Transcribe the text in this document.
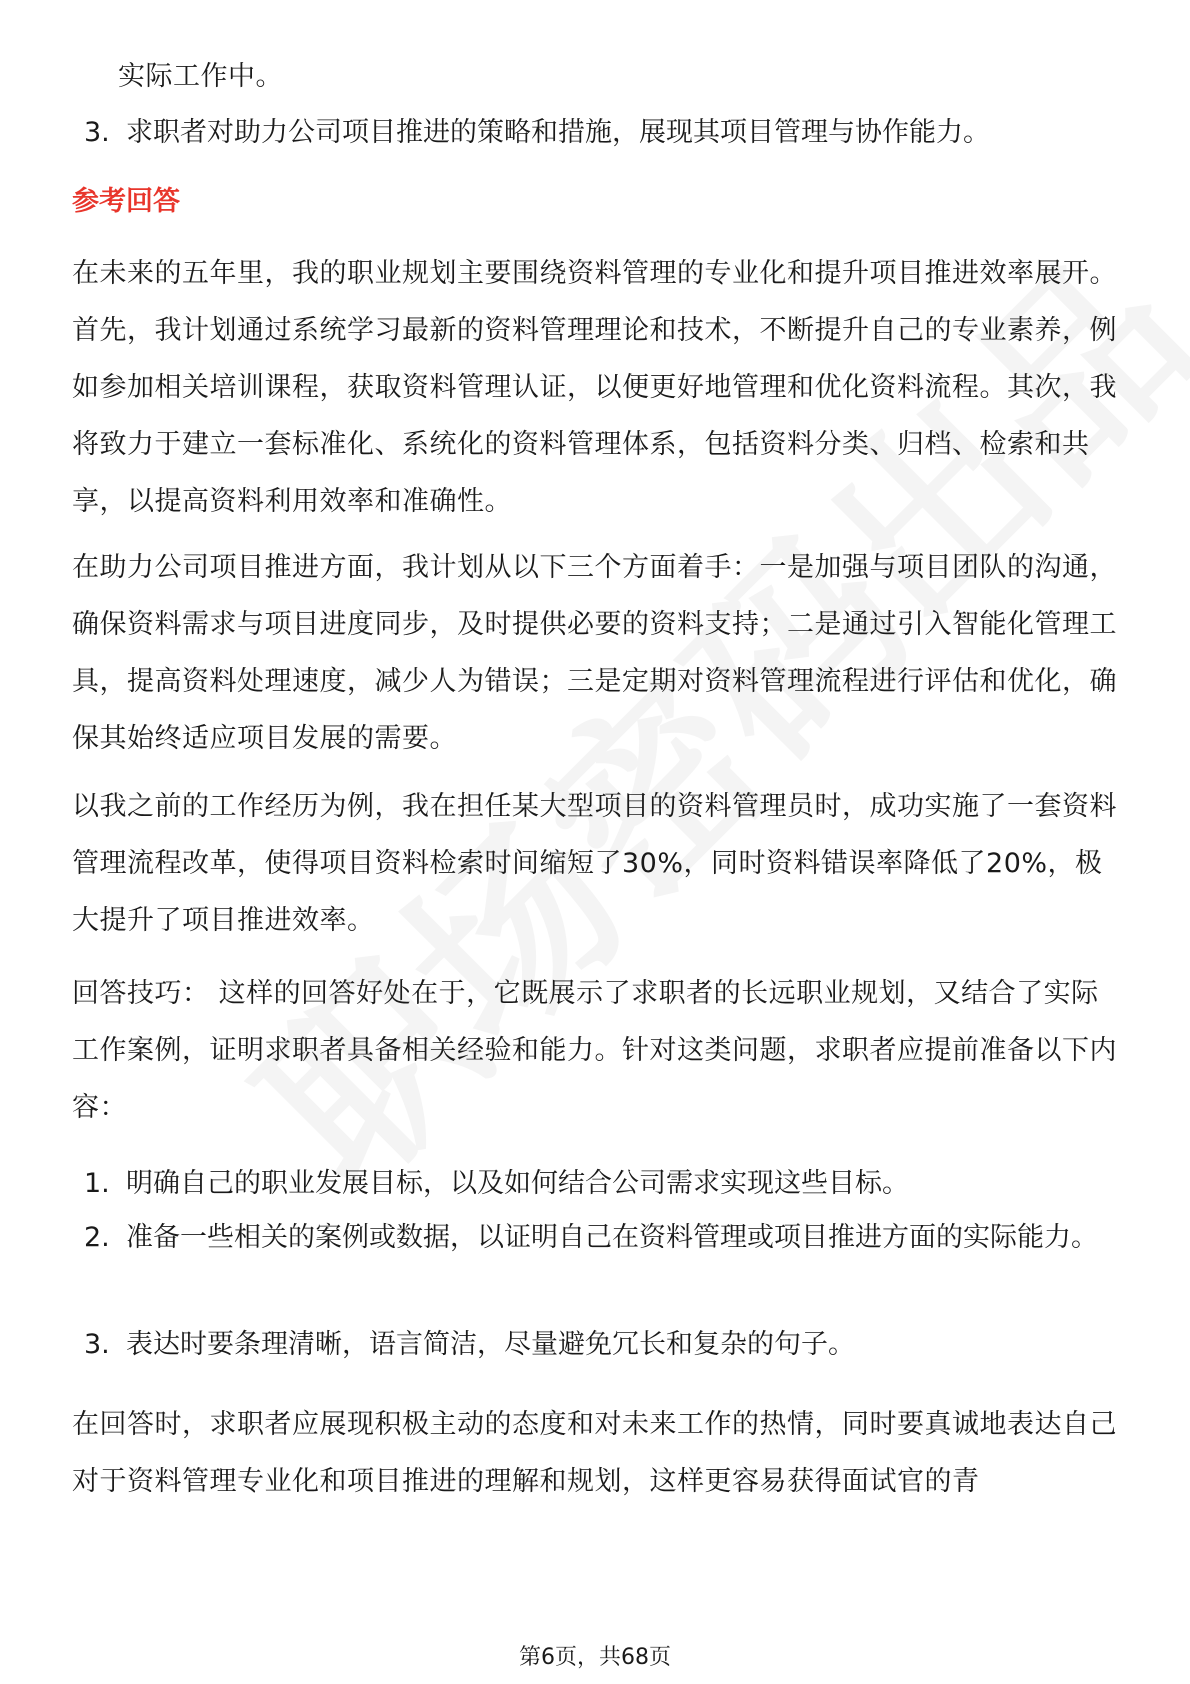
实际工作中。
3. 求职者对助力公司项目推进的策略和措施，展现其项目管理与协作能力。
参考回答
在未来的五年里，我的职业规划主要围绕资料管理的专业化和提升项目推进效率展开。首先，我计划通过系统学习最新的资料管理理论和技术，不断提升自己的专业素养，例如参加相关培训课程，获取资料管理认证，以便更好地管理和优化资料流程。其次，我将致力于建立一套标准化、系统化的资料管理体系，包括资料分类、归档、检索和共享，以提高资料利用效率和准确性。
在助力公司项目推进方面，我计划从以下三个方面着手：一是加强与项目团队的沟通，确保资料需求与项目进度同步，及时提供必要的资料支持；二是通过引入智能化管理工具，提高资料处理速度，减少人为错误；三是定期对资料管理流程进行评估和优化，确保其始终适应项目发展的需要。
以我之前的工作经历为例，我在担任某大型项目的资料管理员时，成功实施了一套资料管理流程改革，使得项目资料检索时间缩短了30%，同时资料错误率降低了20%，极大提升了项目推进效率。
回答技巧： 这样的回答好处在于，它既展示了求职者的长远职业规划，又结合了实际工作案例，证明求职者具备相关经验和能力。针对这类问题，求职者应提前准备以下内容：
1. 明确自己的职业发展目标，以及如何结合公司需求实现这些目标。
2. 准备一些相关的案例或数据，以证明自己在资料管理或项目推进方面的实际能力。
3. 表达时要条理清晰，语言简洁，尽量避免冗长和复杂的句子。
在回答时，求职者应展现积极主动的态度和对未来工作的热情，同时要真诚地表达自己对于资料管理专业化和项目推进的理解和规划，这样更容易获得面试官的青
第6页，共68页
